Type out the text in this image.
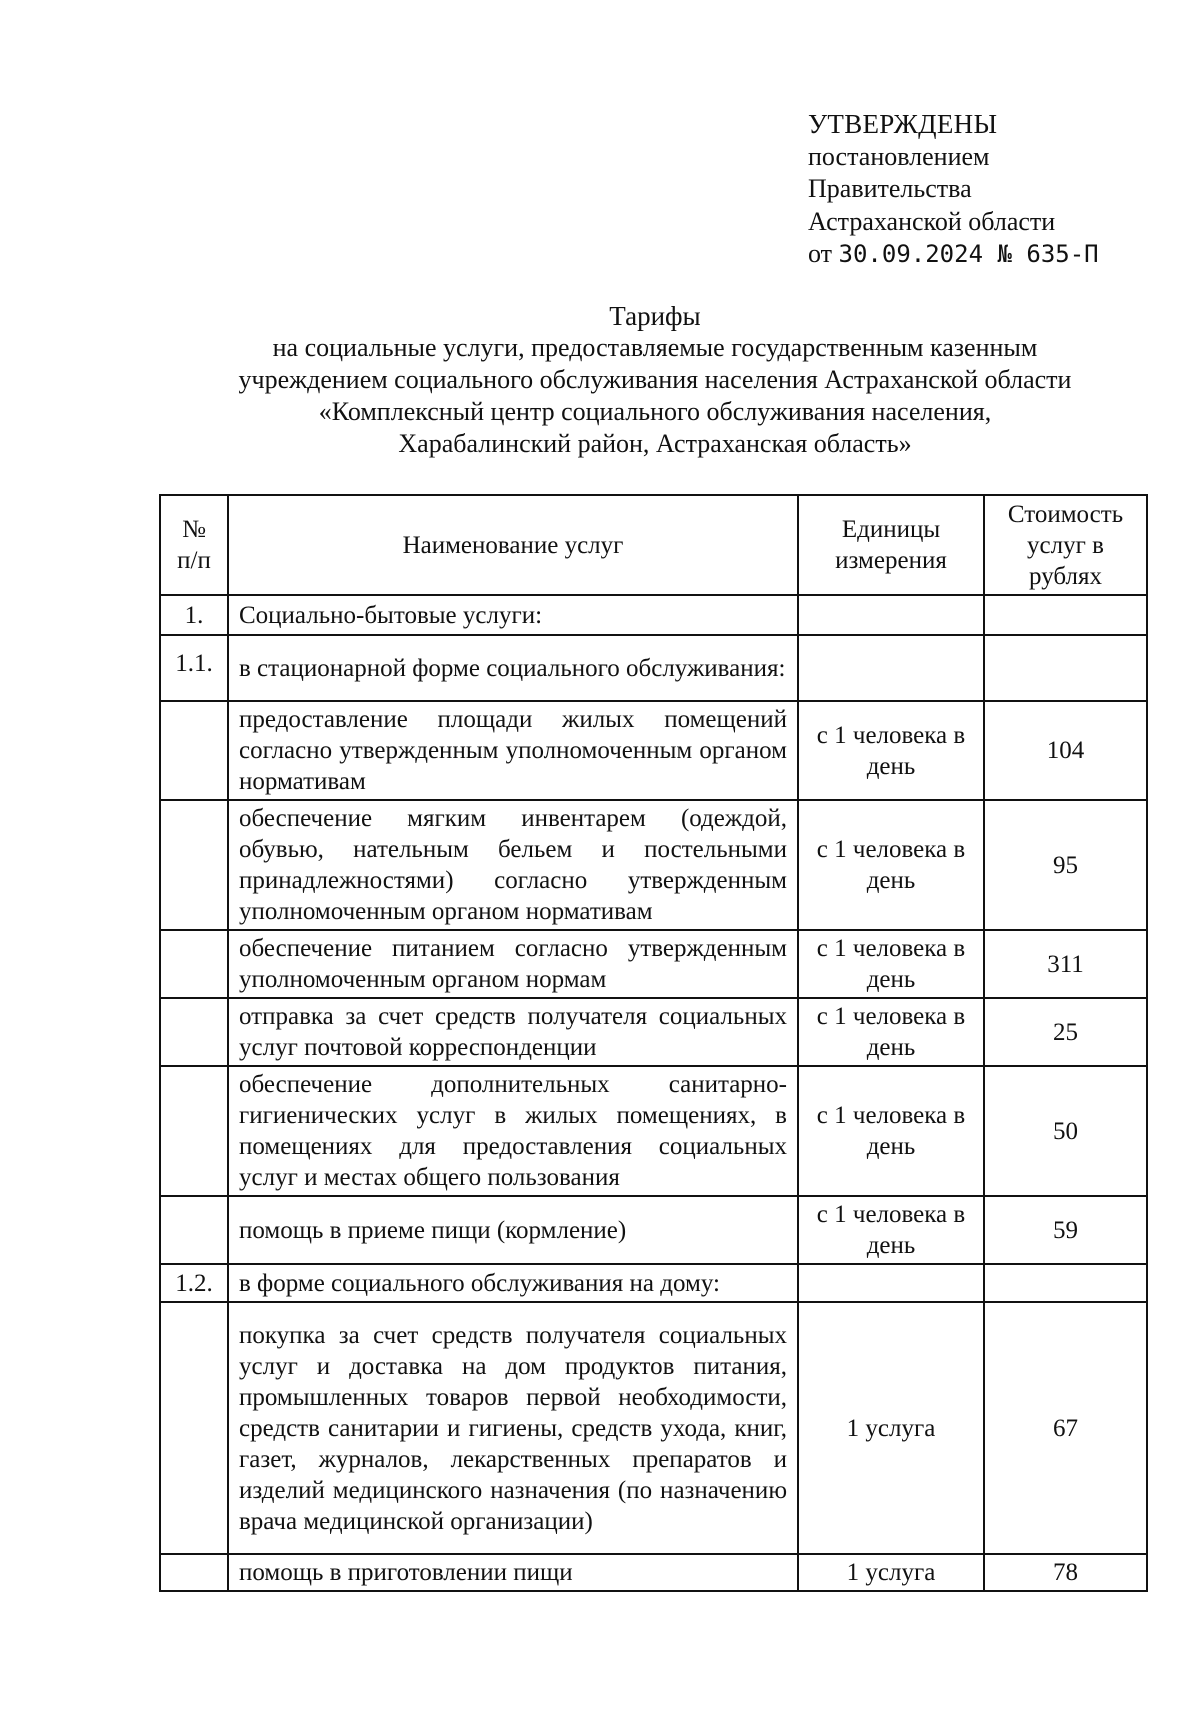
УТВЕРЖДЕНЫ
постановлением
Правительства
Астраханской области
от 30.09.2024 № 635-П
Тарифы
на социальные услуги, предоставляемые государственным казенным
учреждением социального обслуживания населения Астраханской области
«Комплексный центр социального обслуживания населения,
Харабалинский район, Астраханская область»
№ п/п	Наименование услуг	Единицы измерения	Стоимость услуг в рублях
1.	Социально-бытовые услуги:		
1.1.	в стационарной форме социального обслуживания:		
	предоставление площади жилых помещений согласно утвержденным уполномоченным органом нормативам	с 1 человека в день	104
	обеспечение мягким инвентарем (одеждой, обувью, нательным бельем и постельными принадлежностями) согласно утвержденным уполномоченным органом нормативам	с 1 человека в день	95
	обеспечение питанием согласно утвержденным уполномоченным органом нормам	с 1 человека в день	311
	отправка за счет средств получателя социальных услуг почтовой корреспонденции	с 1 человека в день	25
	обеспечение дополнительных санитарно-гигиенических услуг в жилых помещениях, в помещениях для предоставления социальных услуг и местах общего пользования	с 1 человека в день	50
	помощь в приеме пищи (кормление)	с 1 человека в день	59
1.2.	в форме социального обслуживания на дому:		
	покупка за счет средств получателя социальных услуг и доставка на дом продуктов питания, промышленных товаров первой необходимости, средств санитарии и гигиены, средств ухода, книг, газет, журналов, лекарственных препаратов и изделий медицинского назначения (по назначению врача медицинской организации)	1 услуга	67
	помощь в приготовлении пищи	1 услуга	78
